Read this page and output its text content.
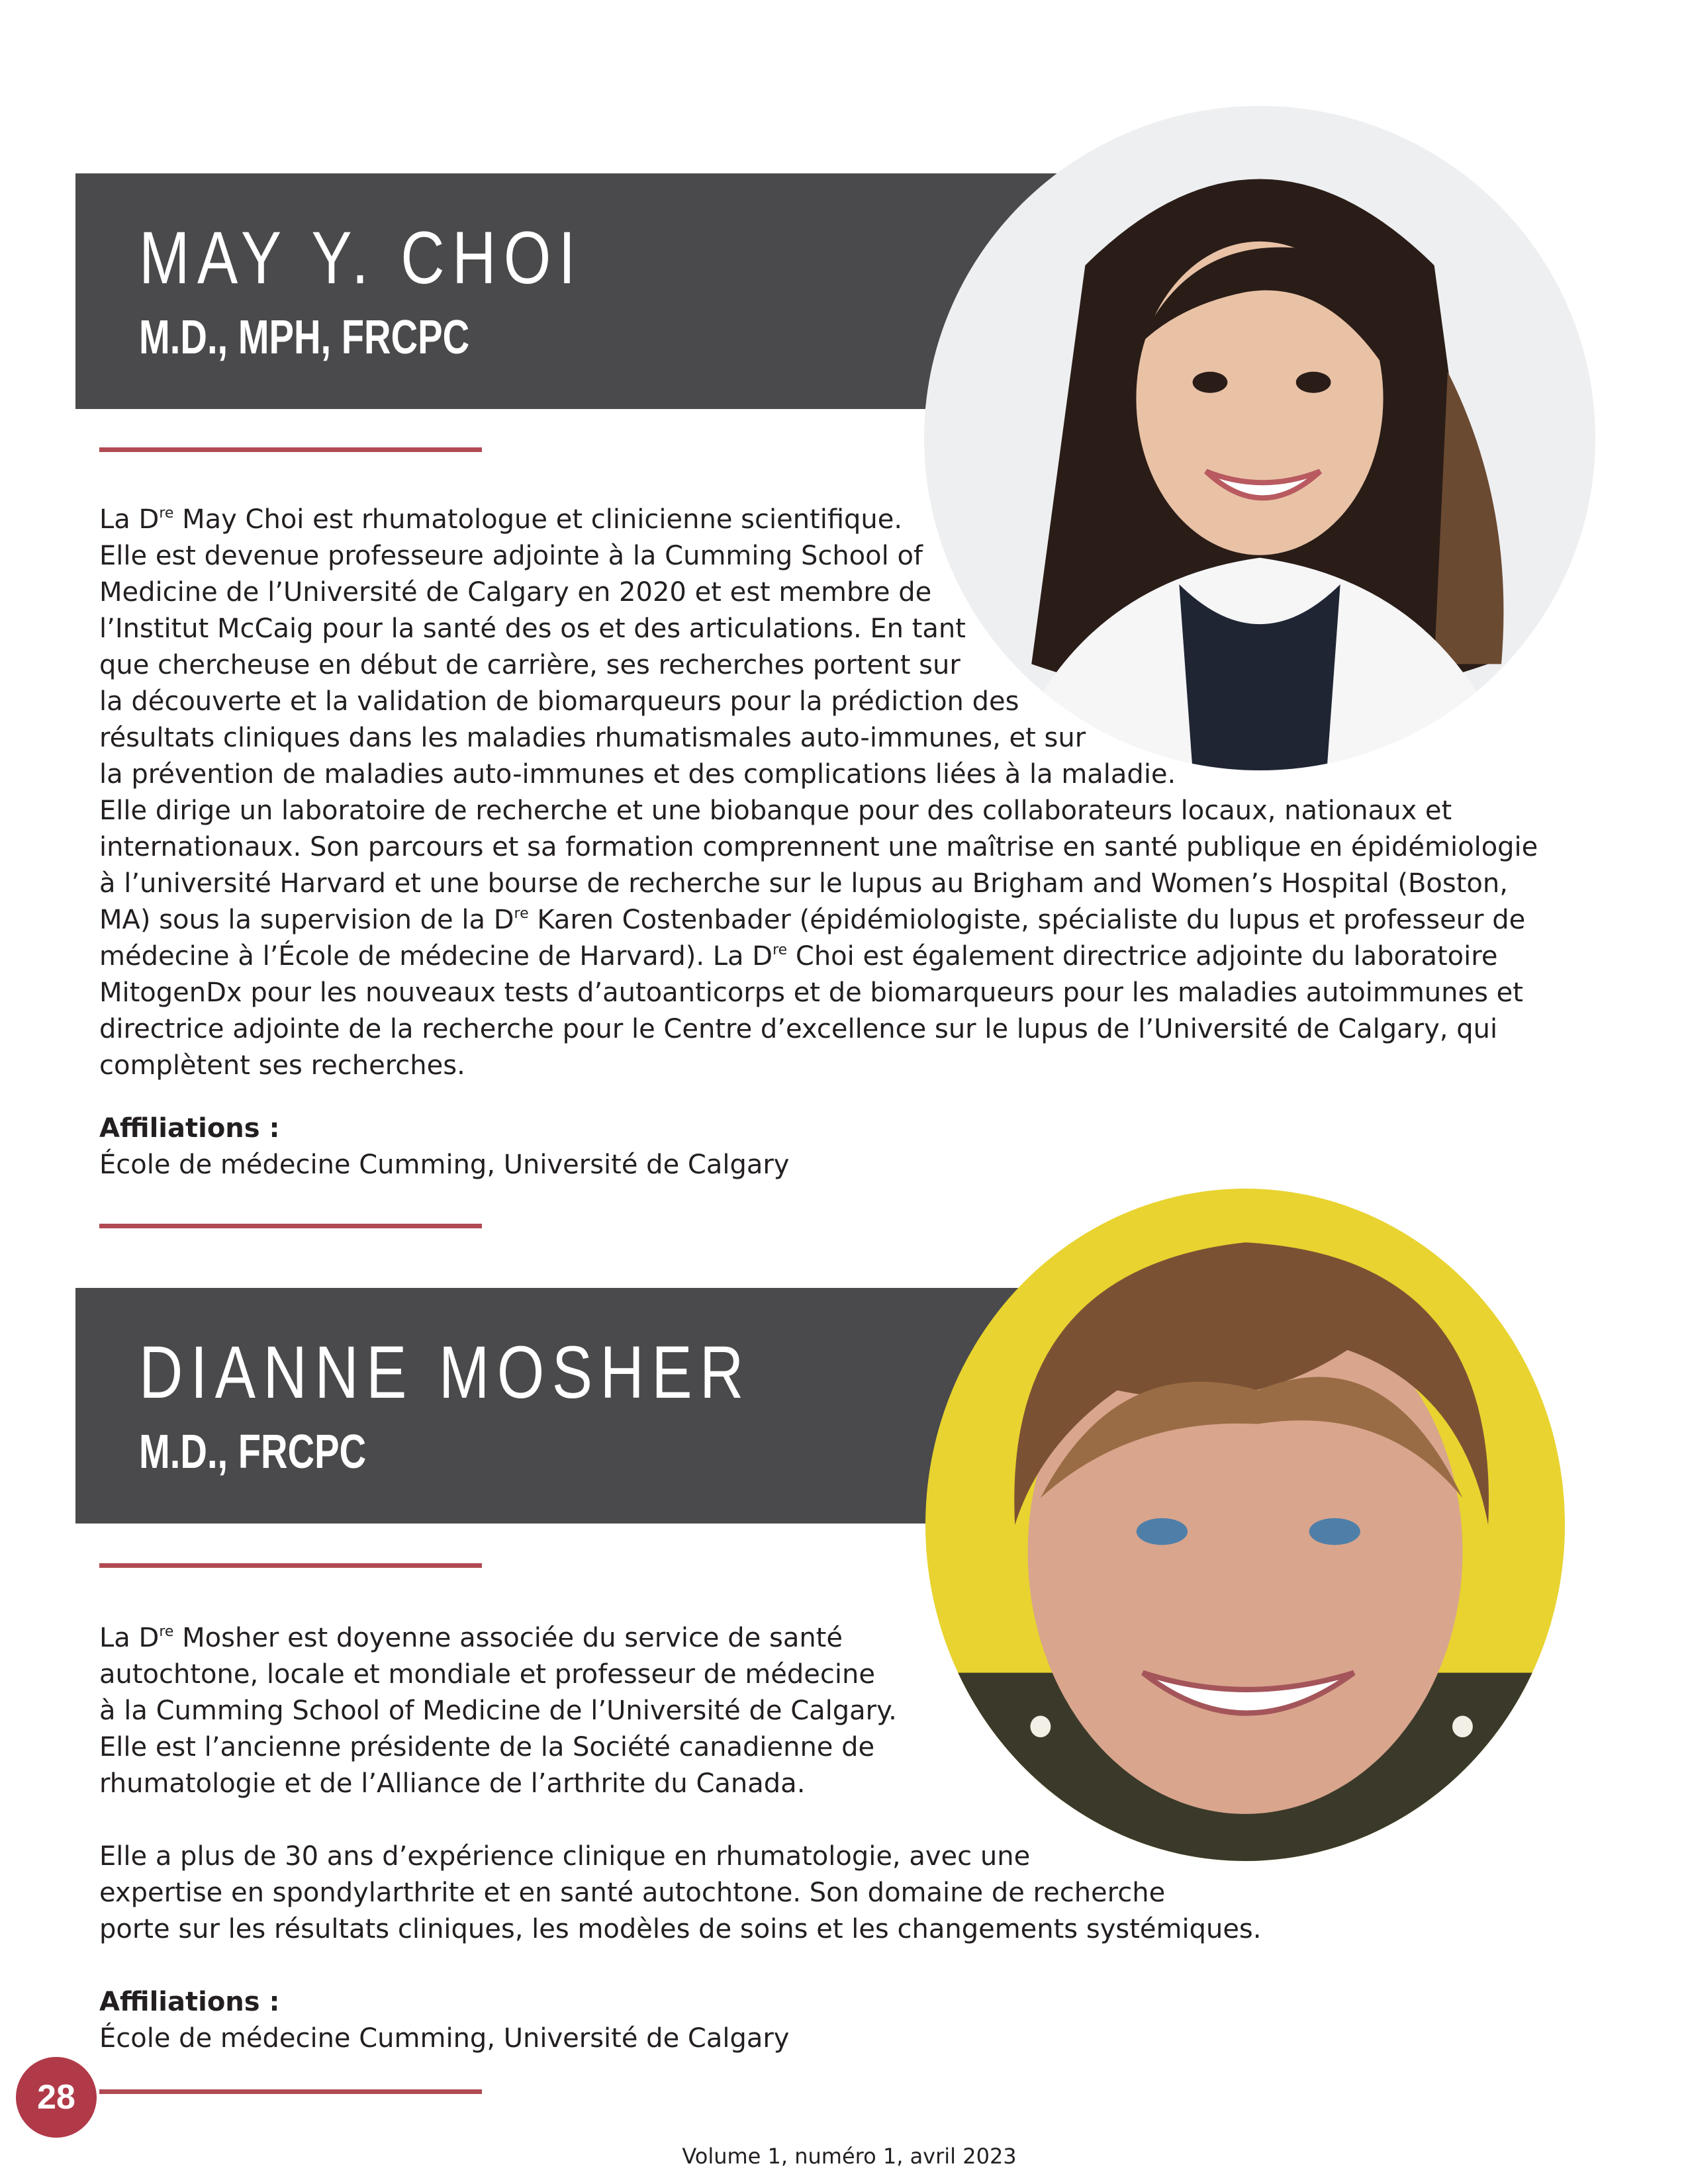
MAY Y. CHOI
M.D., MPH, FRCPC
La Dre May Choi est rhumatologue et clinicienne scientifique.
Elle est devenue professeure adjointe à la Cumming School of
Medicine de l’Université de Calgary en 2020 et est membre de
l’Institut McCaig pour la santé des os et des articulations. En tant
que chercheuse en début de carrière, ses recherches portent sur
la découverte et la validation de biomarqueurs pour la prédiction des
résultats cliniques dans les maladies rhumatismales auto-immunes, et sur
la prévention de maladies auto-immunes et des complications liées à la maladie.
Elle dirige un laboratoire de recherche et une biobanque pour des collaborateurs locaux, nationaux et
internationaux. Son parcours et sa formation comprennent une maîtrise en santé publique en épidémiologie
à l’université Harvard et une bourse de recherche sur le lupus au Brigham and Women’s Hospital (Boston,
MA) sous la supervision de la Dre Karen Costenbader (épidémiologiste, spécialiste du lupus et professeur de
médecine à l’École de médecine de Harvard). La Dre Choi est également directrice adjointe du laboratoire
MitogenDx pour les nouveaux tests d’autoanticorps et de biomarqueurs pour les maladies autoimmunes et
directrice adjointe de la recherche pour le Centre d’excellence sur le lupus de l’Université de Calgary, qui
complètent ses recherches.

Affiliations :

École de médecine Cumming, Université de Calgary

DIANNE MOSHER
M.D., FRCPC
La Dre Mosher est doyenne associée du service de santé
autochtone, locale et mondiale et professeur de médecine
à la Cumming School of Medicine de l’Université de Calgary.
Elle est l’ancienne présidente de la Société canadienne de
rhumatologie et de l’Alliance de l’arthrite du Canada.

Elle a plus de 30 ans d’expérience clinique en rhumatologie, avec une
expertise en spondylarthrite et en santé autochtone. Son domaine de recherche
porte sur les résultats cliniques, les modèles de soins et les changements systémiques.

Affiliations :

École de médecine Cumming, Université de Calgary

28
Volume 1, numéro 1, avril 2023
